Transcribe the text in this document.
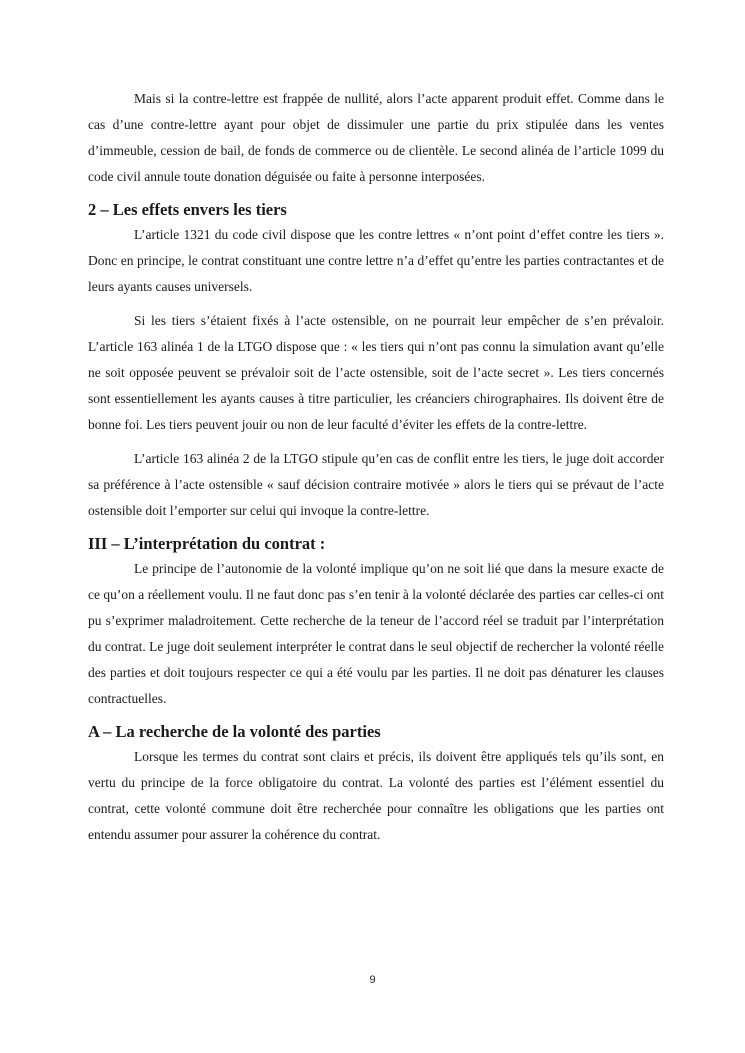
Mais si la contre-lettre est frappée de nullité, alors l’acte apparent produit effet. Comme dans le cas d’une contre-lettre ayant pour objet de dissimuler une partie du prix stipulée dans les ventes d’immeuble, cession de bail, de fonds de commerce ou de clientèle. Le second alinéa de l’article 1099 du code civil annule toute donation déguisée ou faite à personne interposées.

2 – Les effets envers les tiers

L’article 1321 du code civil dispose que les contre lettres « n’ont point d’effet contre les tiers ». Donc en principe, le contrat constituant une contre lettre n’a d’effet qu’entre les parties contractantes et de leurs ayants causes universels.

Si les tiers s’étaient fixés à l’acte ostensible, on ne pourrait leur empêcher de s’en prévaloir. L’article 163 alinéa 1 de la LTGO dispose que : « les tiers qui n’ont pas connu la simulation avant qu’elle ne soit opposée peuvent se prévaloir soit de l’acte ostensible, soit de l’acte secret ». Les tiers concernés sont essentiellement les ayants causes à titre particulier, les créanciers chirographaires. Ils doivent être de bonne foi. Les tiers peuvent jouir ou non de leur faculté d’éviter les effets de la contre-lettre.

L’article 163 alinéa 2 de la LTGO stipule qu’en cas de conflit entre les tiers, le juge doit accorder sa préférence à l’acte ostensible « sauf décision contraire motivée » alors le tiers qui se prévaut de l’acte ostensible doit l’emporter sur celui qui invoque la contre-lettre.

III – L’interprétation du contrat :

Le principe de l’autonomie de la volonté implique qu’on ne soit lié que dans la mesure exacte de ce qu’on a réellement voulu. Il ne faut donc pas s’en tenir à la volonté déclarée des parties car celles-ci ont pu s’exprimer maladroitement. Cette recherche de la teneur de l’accord réel se traduit par l’interprétation du contrat. Le juge doit seulement interpréter le contrat dans le seul objectif de rechercher la volonté réelle des parties et doit toujours respecter ce qui a été voulu par les parties. Il ne doit pas dénaturer les clauses contractuelles.

A – La recherche de la volonté des parties

Lorsque les termes du contrat sont clairs et précis, ils doivent être appliqués tels qu’ils sont, en vertu du principe de la force obligatoire du contrat. La volonté des parties est l’élément essentiel du contrat, cette volonté commune doit être recherchée pour connaître les obligations que les parties ont entendu assumer pour assurer la cohérence du contrat.

9
